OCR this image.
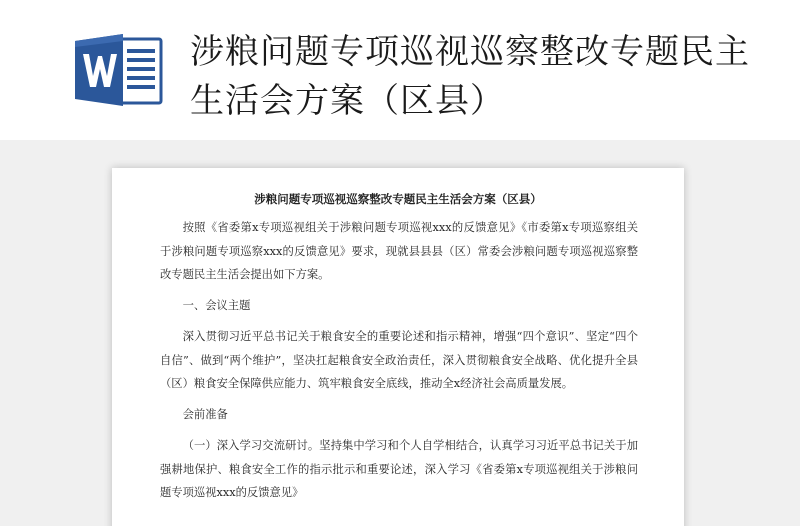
涉粮问题专项巡视巡察整改专题民主生活会方案（区县）
涉粮问题专项巡视巡察整改专题民主生活会方案（区县）

按照《省委第x专项巡视组关于涉粮问题专项巡视xxx的反馈意见》《市委第x专项巡察组关于涉粮问题专项巡察xxx的反馈意见》要求，现就县县县（区）常委会涉粮问题专项巡视巡察整改专题民主生活会提出如下方案。

一、会议主题

深入贯彻习近平总书记关于粮食安全的重要论述和指示精神，增强“四个意识”、坚定“四个自信”、做到“两个维护”，坚决扛起粮食安全政治责任，深入贯彻粮食安全战略、优化提升全县（区）粮食安全保障供应能力、筑牢粮食安全底线，推动全x经济社会高质量发展。

会前准备

（一）深入学习交流研讨。坚持集中学习和个人自学相结合，认真学习习近平总书记关于加强耕地保护、粮食安全工作的指示批示和重要论述，深入学习《省委第x专项巡视组关于涉粮问题专项巡视xxx的反馈意见》
